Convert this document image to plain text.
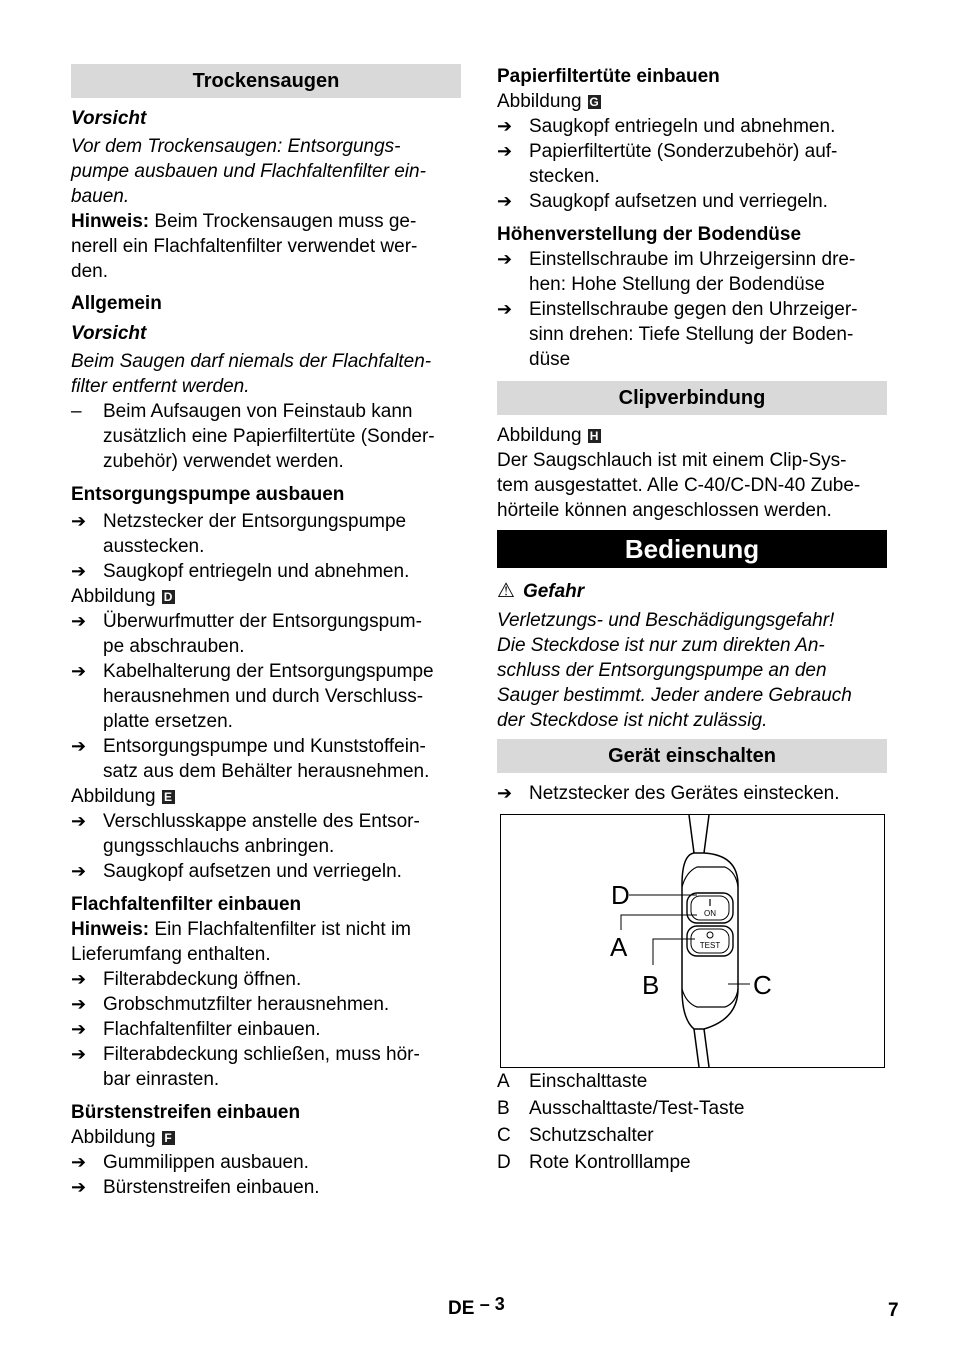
Trockensaugen
Vorsicht
Vor dem Trockensaugen: Entsorgungs-
pumpe ausbauen und Flachfaltenfilter ein-
bauen.
Hinweis: Beim Trockensaugen muss ge-
nerell ein Flachfaltenfilter verwendet wer-
den.
Allgemein
Vorsicht
Beim Saugen darf niemals der Flachfalten-
filter entfernt werden.
–	Beim Aufsaugen von Feinstaub kann
zusätzlich eine Papierfiltertüte (Sonder-
zubehör) verwendet werden.
Entsorgungspumpe ausbauen
➔ Netzstecker der Entsorgungspumpe
ausstecken.
➔ Saugkopf entriegeln und abnehmen.
Abbildung D
➔ Überwurfmutter der Entsorgungspum-
pe abschrauben.
➔ Kabelhalterung der Entsorgungspumpe
herausnehmen und durch Verschluss-
platte ersetzen.
➔ Entsorgungspumpe und Kunststoffein-
satz aus dem Behälter herausnehmen.
Abbildung E
➔ Verschlusskappe anstelle des Entsor-
gungsschlauchs anbringen.
➔ Saugkopf aufsetzen und verriegeln.
Flachfaltenfilter einbauen
Hinweis: Ein Flachfaltenfilter ist nicht im
Lieferumfang enthalten.
➔ Filterabdeckung öffnen.
➔ Grobschmutzfilter herausnehmen.
➔ Flachfaltenfilter einbauen.
➔ Filterabdeckung schließen, muss hör-
bar einrasten.
Bürstenstreifen einbauen
Abbildung F
➔ Gummilippen ausbauen.
➔ Bürstenstreifen einbauen.
Papierfiltertüte einbauen
Abbildung G
➔ Saugkopf entriegeln und abnehmen.
➔ Papierfiltertüte (Sonderzubehör) auf-
stecken.
➔ Saugkopf aufsetzen und verriegeln.
Höhenverstellung der Bodendüse
➔ Einstellschraube im Uhrzeigersinn dre-
hen: Hohe Stellung der Bodendüse
➔ Einstellschraube gegen den Uhrzeiger-
sinn drehen: Tiefe Stellung der Boden-
düse
Clipverbindung
Abbildung H
Der Saugschlauch ist mit einem Clip-Sys-
tem ausgestattet. Alle C-40/C-DN-40 Zube-
hörteile können angeschlossen werden.
Bedienung
⚠ Gefahr
Verletzungs- und Beschädigungsgefahr!
Die Steckdose ist nur zum direkten An-
schluss der Entsorgungspumpe an den
Sauger bestimmt. Jeder andere Gebrauch
der Steckdose ist nicht zulässig.
Gerät einschalten
➔ Netzstecker des Gerätes einstecken.
ON
TEST
D
A
B	C
A	Einschalttaste
B	Ausschalttaste/Test-Taste
C Schutzschalter
D Rote Kontrolllampe
DE – 3	7
